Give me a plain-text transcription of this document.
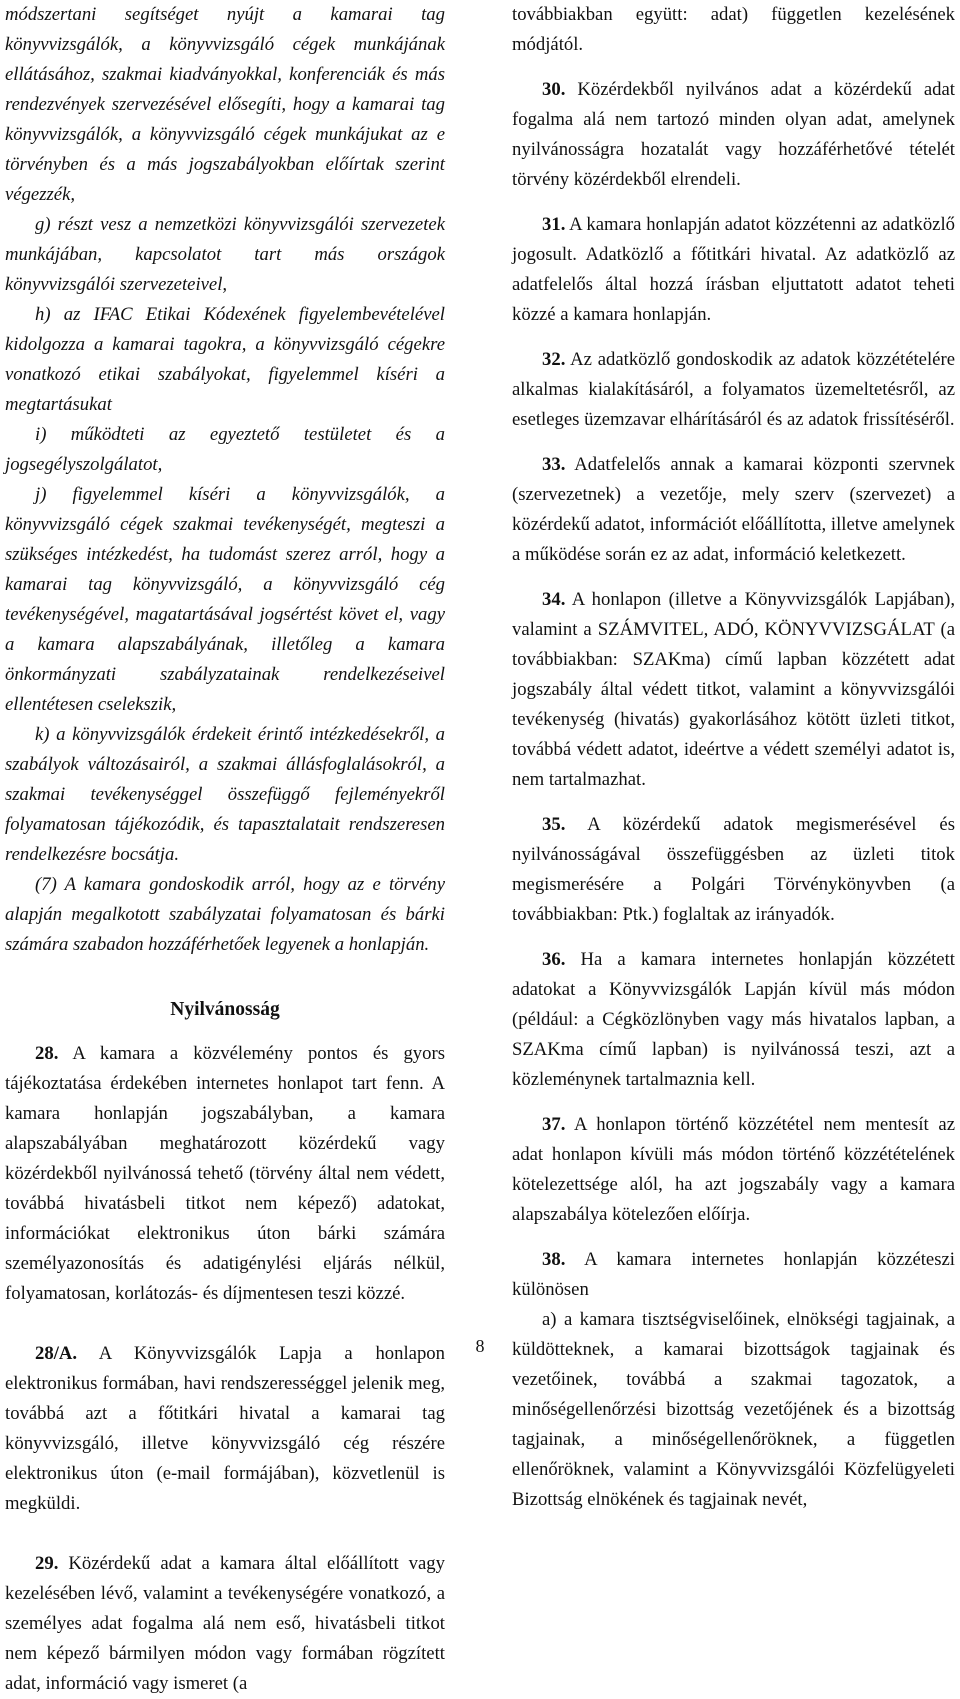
módszertani segítséget nyújt a kamarai tag könyvvizsgálók, a könyvvizsgáló cégek munkájának ellátásához, szakmai kiadványokkal, konferenciák és más rendezvények szervezésével elősegíti, hogy a kamarai tag könyvvizsgálók, a könyvvizsgáló cégek munkájukat az e törvényben és a más jogszabályokban előírtak szerint végezzék,

g) részt vesz a nemzetközi könyvvizsgálói szervezetek munkájában, kapcsolatot tart más országok könyvvizsgálói szervezeteivel,

h) az IFAC Etikai Kódexének figyelembevételével kidolgozza a kamarai tagokra, a könyvvizsgáló cégekre vonatkozó etikai szabályokat, figyelemmel kíséri a megtartásukat

i) működteti az egyeztető testületet és a jogsegélyszolgálatot,

j) figyelemmel kíséri a könyvvizsgálók, a könyvvizsgáló cégek szakmai tevékenységét, megteszi a szükséges intézkedést, ha tudomást szerez arról, hogy a kamarai tag könyvvizsgáló, a könyvvizsgáló cég tevékenységével, magatartásával jogsértést követ el, vagy a kamara alapszabályának, illetőleg a kamara önkormányzati szabályzatainak rendelkezéseivel ellentétesen cselekszik,

k) a könyvvizsgálók érdekeit érintő intézkedésekről, a szabályok változásairól, a szakmai állásfoglalásokról, a szakmai tevékenységgel összefüggő fejleményekről folyamatosan tájékozódik, és tapasztalatait rendszeresen rendelkezésre bocsátja.

(7) A kamara gondoskodik arról, hogy az e törvény alapján megalkotott szabályzatai folyamatosan és bárki számára szabadon hozzáférhetőek legyenek a honlapján.

Nyilvánosság

28. A kamara a közvélemény pontos és gyors tájékoztatása érdekében internetes honlapot tart fenn. A kamara honlapján jogszabályban, a kamara alapszabályában meghatározott közérdekű vagy közérdekből nyilvánossá tehető (törvény által nem védett, továbbá hivatásbeli titkot nem képező) adatokat, információkat elektronikus úton bárki számára személyazonosítás és adatigénylési eljárás nélkül, folyamatosan, korlátozás- és díjmentesen teszi közzé.

28/A. A Könyvvizsgálók Lapja a honlapon elektronikus formában, havi rendszerességgel jelenik meg, továbbá azt a főtitkári hivatal a kamarai tag könyvvizsgáló, illetve könyvvizsgáló cég részére elektronikus úton (e-mail formájában), közvetlenül is megküldi.

29. Közérdekű adat a kamara által előállított vagy kezelésében lévő, valamint a tevékenységére vonatkozó, a személyes adat fogalma alá nem eső, hivatásbeli titkot nem képező bármilyen módon vagy formában rögzített adat, információ vagy ismeret (a

továbbiakban együtt: adat) független kezelésének módjától.

30. Közérdekből nyilvános adat a közérdekű adat fogalma alá nem tartozó minden olyan adat, amelynek nyilvánosságra hozatalát vagy hozzáférhetővé tételét törvény közérdekből elrendeli.

31. A kamara honlapján adatot közzétenni az adatközlő jogosult. Adatközlő a főtitkári hivatal. Az adatközlő az adatfelelős által hozzá írásban eljuttatott adatot teheti közzé a kamara honlapján.

32. Az adatközlő gondoskodik az adatok közzétételére alkalmas kialakításáról, a folyamatos üzemeltetésről, az esetleges üzemzavar elhárításáról és az adatok frissítéséről.

33. Adatfelelős annak a kamarai központi szervnek (szervezetnek) a vezetője, mely szerv (szervezet) a közérdekű adatot, információt előállította, illetve amelynek a működése során ez az adat, információ keletkezett.

34. A honlapon (illetve a Könyvvizsgálók Lapjában), valamint a SZÁMVITEL, ADÓ, KÖNYVVIZSGÁLAT (a továbbiakban: SZAKma) című lapban közzétett adat jogszabály által védett titkot, valamint a könyvvizsgálói tevékenység (hivatás) gyakorlásához kötött üzleti titkot, továbbá védett adatot, ideértve a védett személyi adatot is, nem tartalmazhat.

35. A közérdekű adatok megismerésével és nyilvánosságával összefüggésben az üzleti titok megismerésére a Polgári Törvénykönyvben (a továbbiakban: Ptk.) foglaltak az irányadók.

36. Ha a kamara internetes honlapján közzétett adatokat a Könyvvizsgálók Lapján kívül más módon (például: a Cégközlönyben vagy más hivatalos lapban, a SZAKma című lapban) is nyilvánossá teszi, azt a közleménynek tartalmaznia kell.

37. A honlapon történő közzététel nem mentesít az adat honlapon kívüli más módon történő közzétételének kötelezettsége alól, ha azt jogszabály vagy a kamara alapszabálya kötelezően előírja.

38. A kamara internetes honlapján közzéteszi különösen

a) a kamara tisztségviselőinek, elnökségi tagjainak, a küldötteknek, a kamarai bizottságok tagjainak és vezetőinek, továbbá a szakmai tagozatok, a minőségellenőrzési bizottság vezetőjének és a bizottság tagjainak, a minőségellenőröknek, a független ellenőröknek, valamint a Könyvvizsgálói Közfelügyeleti Bizottság elnökének és tagjainak nevét,

8
